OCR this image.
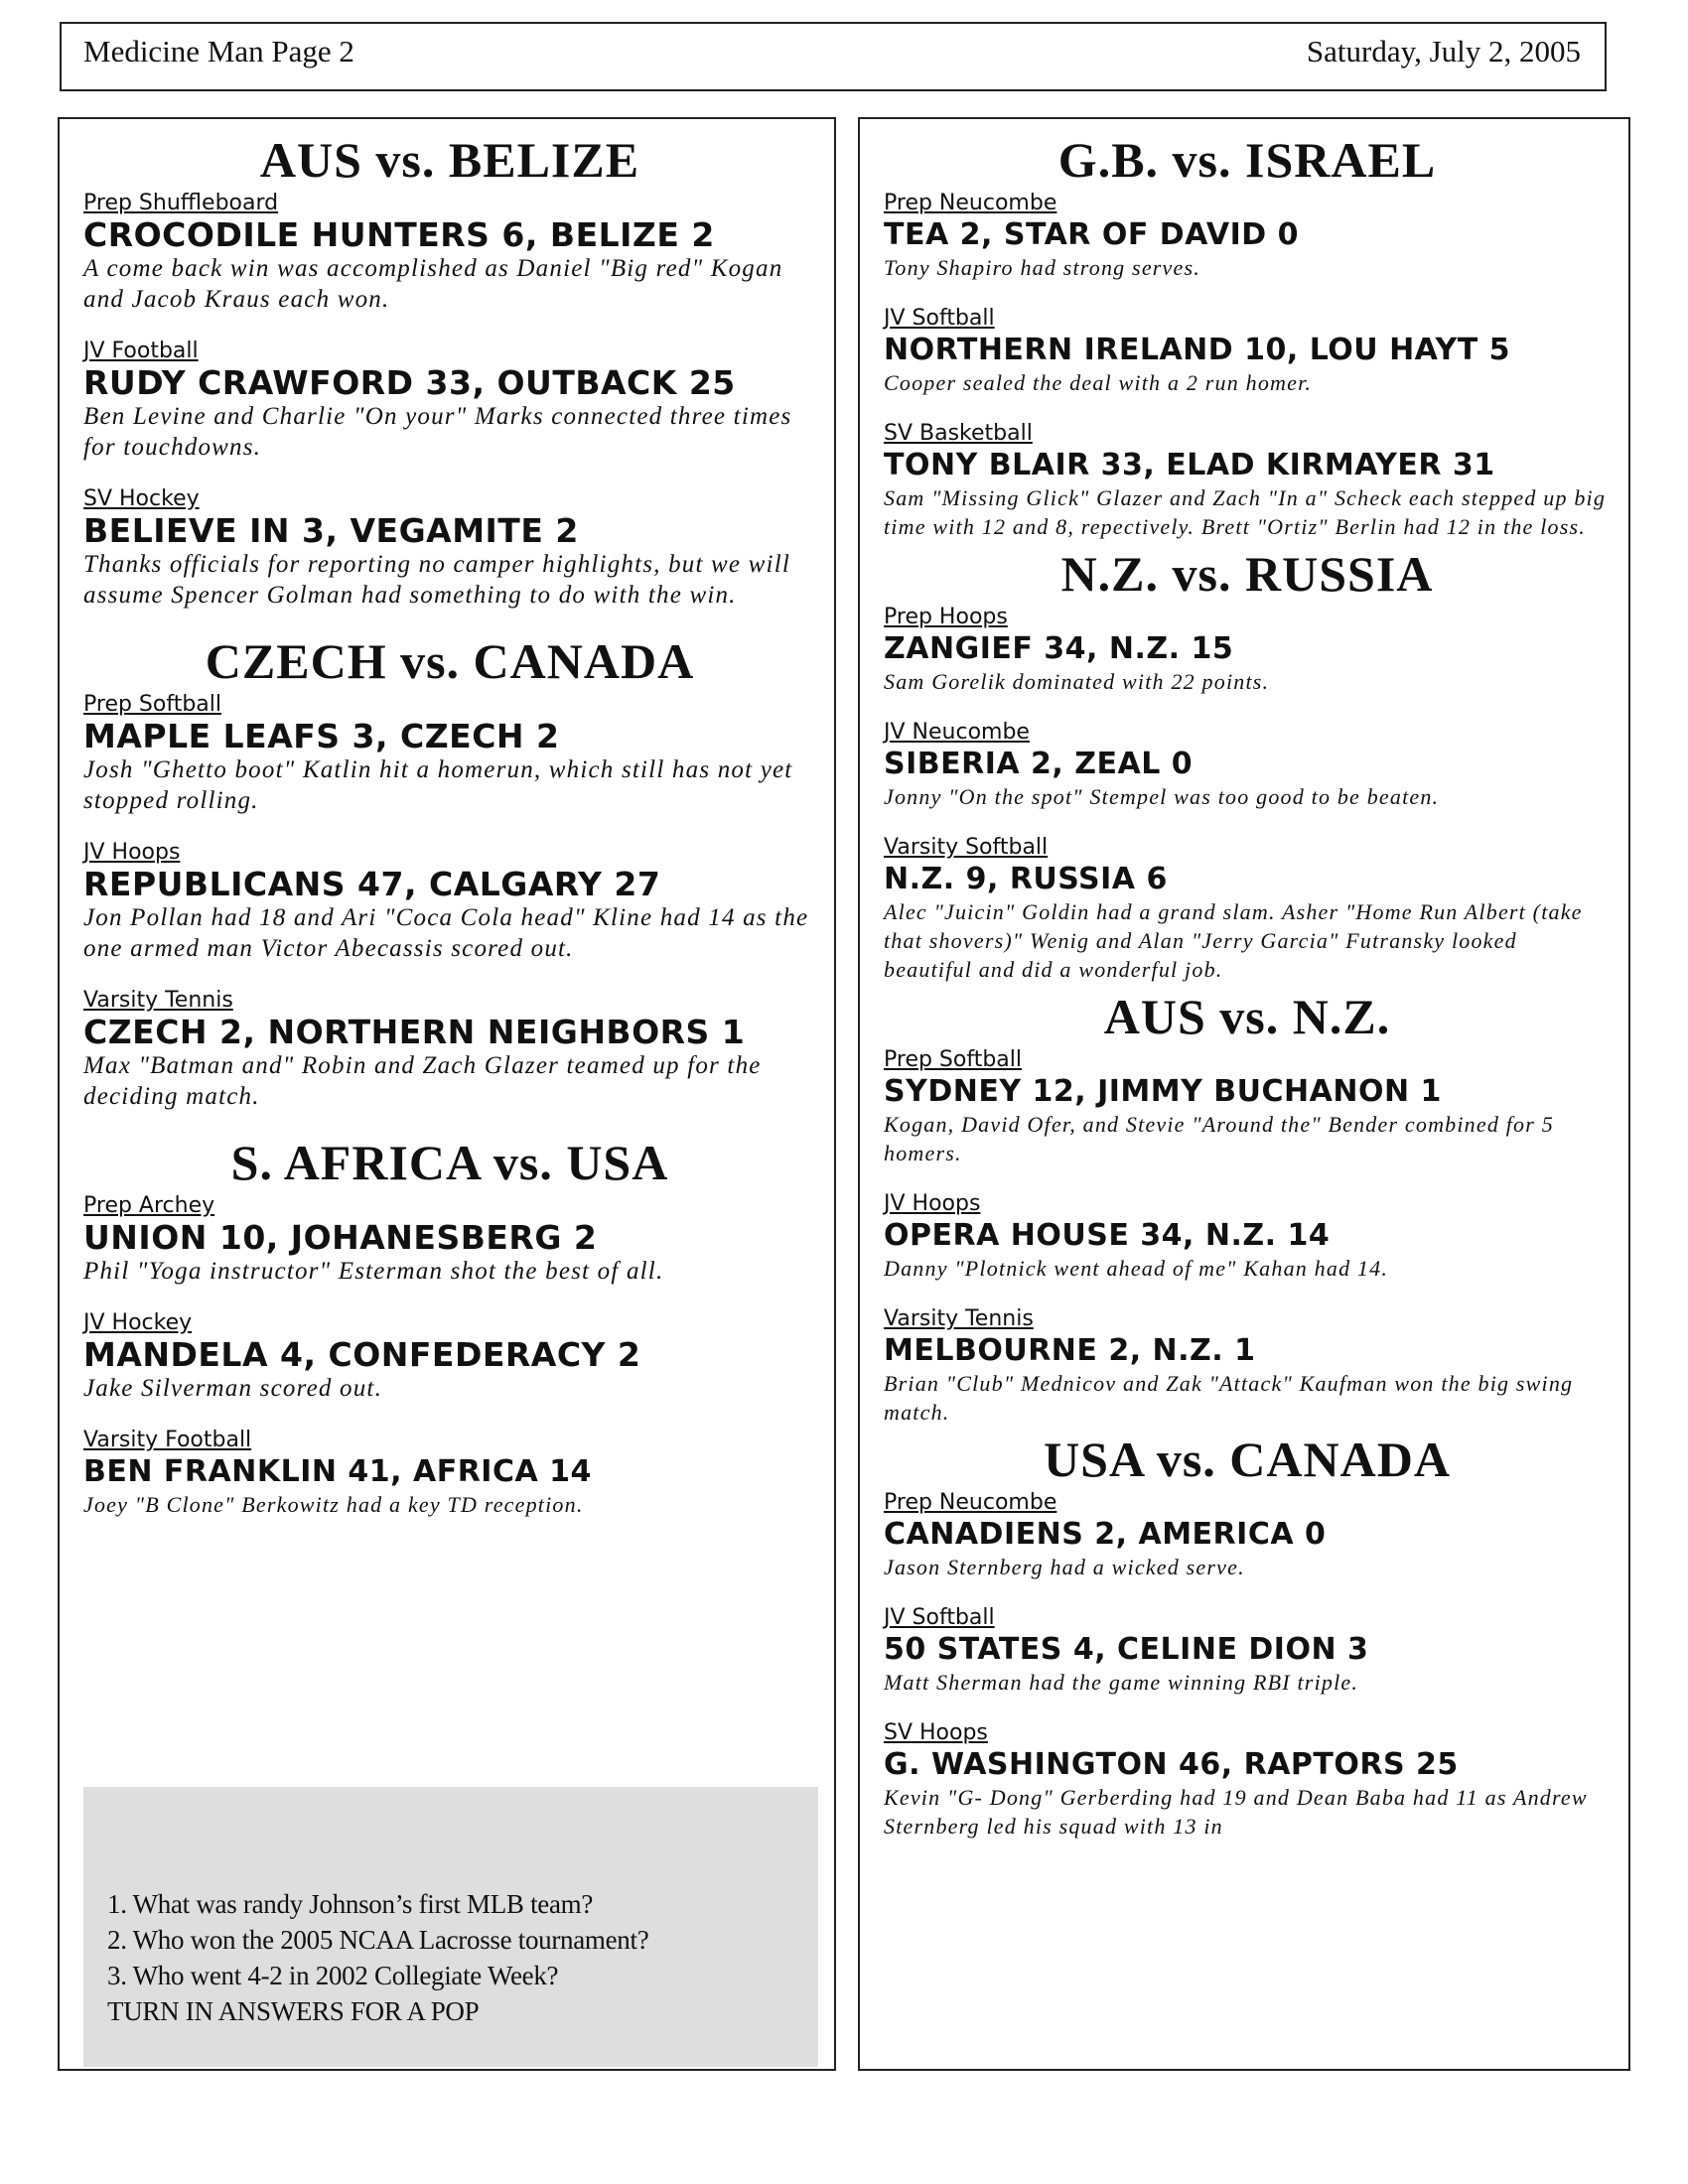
Medicine Man Page 2	Saturday, July 2, 2005
AUS vs. BELIZE
Prep Shuffleboard
CROCODILE HUNTERS 6, BELIZE 2
A come back win was accomplished as Daniel "Big red" Kogan and Jacob Kraus each won.
JV Football
RUDY CRAWFORD 33, OUTBACK 25
Ben Levine and Charlie "On your" Marks connected three times for touchdowns.
SV Hockey
BELIEVE IN 3, VEGAMITE 2
Thanks officials for reporting no camper highlights, but we will assume Spencer Golman had something to do with the win.
CZECH vs. CANADA
Prep Softball
MAPLE LEAFS 3, CZECH 2
Josh "Ghetto boot" Katlin hit a homerun, which still has not yet stopped rolling.
JV Hoops
REPUBLICANS 47, CALGARY 27
Jon Pollan had 18 and Ari "Coca Cola head" Kline had 14 as the one armed man Victor Abecassis scored out.
Varsity Tennis
CZECH 2, NORTHERN NEIGHBORS 1
Max "Batman and" Robin and Zach Glazer teamed up for the deciding match.
S. AFRICA vs. USA
Prep Archey
UNION 10, JOHANESBERG 2
Phil "Yoga instructor" Esterman shot the best of all.
JV Hockey
MANDELA 4, CONFEDERACY 2
Jake Silverman scored out.
Varsity Football
BEN FRANKLIN 41, AFRICA 14
Joey "B Clone" Berkowitz had a key TD reception.
1. What was randy Johnson’s first MLB team?
2. Who won the 2005 NCAA Lacrosse tournament?
3. Who went 4-2 in 2002 Collegiate Week?
TURN IN ANSWERS FOR A POP
G.B. vs. ISRAEL
Prep Neucombe
TEA 2, STAR OF DAVID 0
Tony Shapiro had strong serves.
JV Softball
NORTHERN IRELAND 10, LOU HAYT 5
Cooper sealed the deal with a 2 run homer.
SV Basketball
TONY BLAIR 33, ELAD KIRMAYER 31
Sam "Missing Glick" Glazer and Zach "In a" Scheck each stepped up big time with 12 and 8, repectively. Brett "Ortiz" Berlin had 12 in the loss.
N.Z. vs. RUSSIA
Prep Hoops
ZANGIEF 34, N.Z. 15
Sam Gorelik dominated with 22 points.
JV Neucombe
SIBERIA 2, ZEAL 0
Jonny "On the spot" Stempel was too good to be beaten.
Varsity Softball
N.Z. 9, RUSSIA 6
Alec "Juicin" Goldin had a grand slam. Asher "Home Run Albert (take that shovers)" Wenig and Alan "Jerry Garcia" Futransky looked beautiful and did a wonderful job.
AUS vs. N.Z.
Prep Softball
SYDNEY 12, JIMMY BUCHANON 1
Kogan, David Ofer, and Stevie "Around the" Bender combined for 5 homers.
JV Hoops
OPERA HOUSE 34, N.Z. 14
Danny "Plotnick went ahead of me" Kahan had 14.
Varsity Tennis
MELBOURNE 2, N.Z. 1
Brian "Club" Mednicov and Zak "Attack" Kaufman won the big swing match.
USA vs. CANADA
Prep Neucombe
CANADIENS 2, AMERICA 0
Jason Sternberg had a wicked serve.
JV Softball
50 STATES 4, CELINE DION 3
Matt Sherman had the game winning RBI triple.
SV Hoops
G. WASHINGTON 46, RAPTORS 25
Kevin "G- Dong" Gerberding had 19 and Dean Baba had 11 as Andrew Sternberg led his squad with 13 in
